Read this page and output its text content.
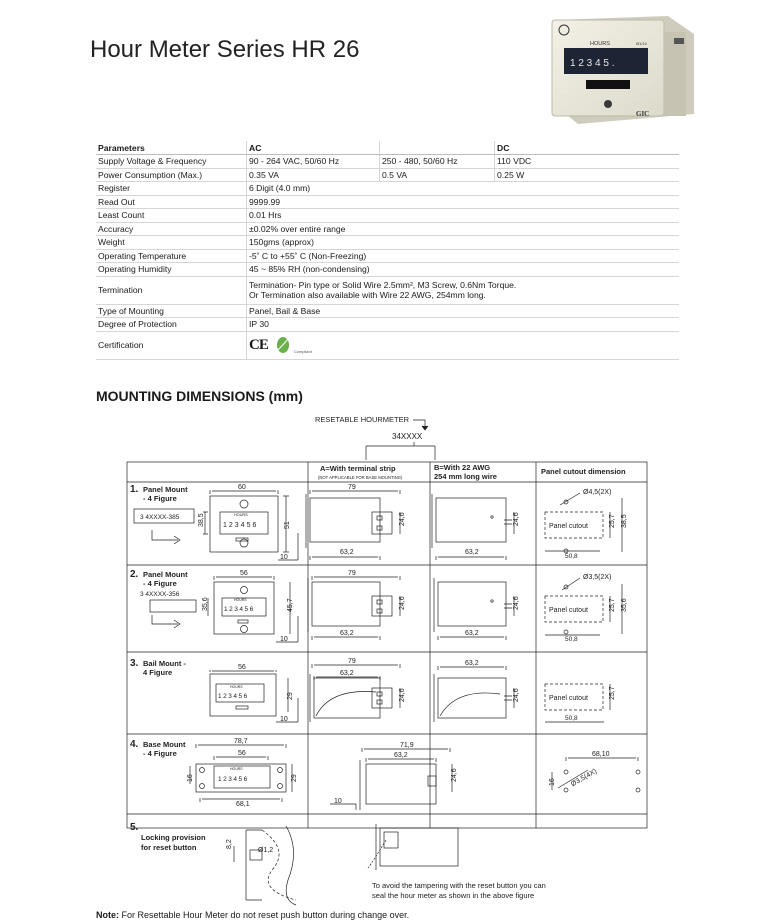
Hour Meter Series HR 26	HOURS	Ø1/10
1 2 3 4 5 .
GIC
Parameters	AC		DC
Supply Voltage & Frequency	90 - 264 VAC, 50/60 Hz	250 - 480, 50/60 Hz	110 VDC
Power Consumption (Max.)	0.35 VA	0.5 VA	0.25 W
Register	6 Digit (4.0 mm)		
Read Out	9999.99		
Least Count	0.01 Hrs		
Accuracy	±0.02% over entire range		
Weight	150gms (approx)		
Operating Temperature	-5˚ C to +55˚ C (Non-Freezing)		
Operating Humidity	45 ~ 85% RH (non-condensing)		
Termination	Termination- Pin type or Solid Wire 2.5mm², M3 Screw, 0.6Nm Torque.
Or Termination also available with Wire 22 AWG, 254mm long.		

Type of Mounting	Panel, Bail & Base		
Degree of Protection	IP 30		
Certification	CE Compliant		
MOUNTING DIMENSIONS (mm)
RESETABLE HOURMETER
34XXXX
A=With terminal strip
(NOT APPLICABLE FOR BASE MOUNTING)
B=With 22 AWG
254 mm long wire
Panel cutout dimension
1. Panel Mount
- 4 Figure
3 4XXXX-385	HOURS
123456
60
38,5	51
10
79
63,2
24,6
63,2
24,6
Ø4,5(2X)
Panel cutout	25,7 38,5
50,8
2. Panel Mount
- 4 Figure
3 4XXXX-356
HOURS
123456
56
35,6	45,7
10
79
63,2
24,6
63,2
24,6
Ø3,5(2X)
Panel cutout	25,7 35,6
50,8
3. Bail Mount -
4 Figure
HOURS
123456
56
29
10
79
63,2
24,6
63,2
24,6	Panel cutout	25,7
50,8
4. Base Mount
- 4 Figure
78,7
56
HOURS
123456
16	29
68,1
71,9
63,2
24,6
10
68,10
Ø3,5(4X)
16
5.
Locking provision
for reset button	8,2
Ø1,2
To avoid the tampering with the reset button you can
seal the hour meter as shown in the above figure
Note: For Resettable Hour Meter do not reset push button during change over.
